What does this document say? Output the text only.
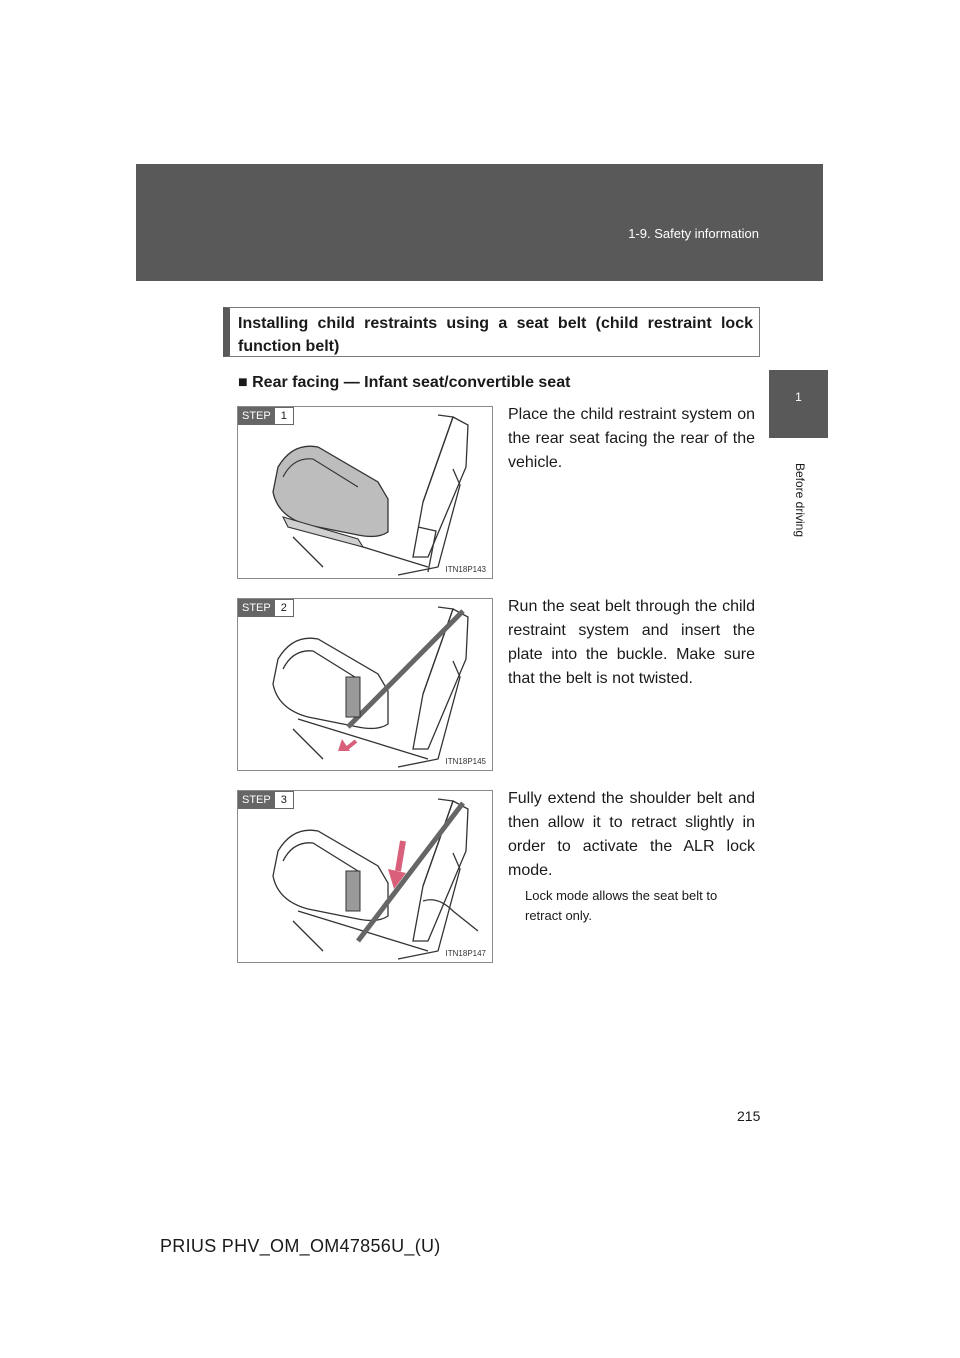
1-9. Safety information
1
Before driving
Installing child restraints using a seat belt (child restraint lock function belt)
■ Rear facing — Infant seat/convertible seat
STEP 1
ITN18P143
Place the child restraint system on the rear seat facing the rear of the vehicle.
STEP 2
ITN18P145
Run the seat belt through the child restraint system and insert the plate into the buckle. Make sure that the belt is not twisted.
STEP 3
ITN18P147
Fully extend the shoulder belt and then allow it to retract slightly in order to activate the ALR lock mode.
Lock mode allows the seat belt to retract only.
215
PRIUS PHV_OM_OM47856U_(U)
